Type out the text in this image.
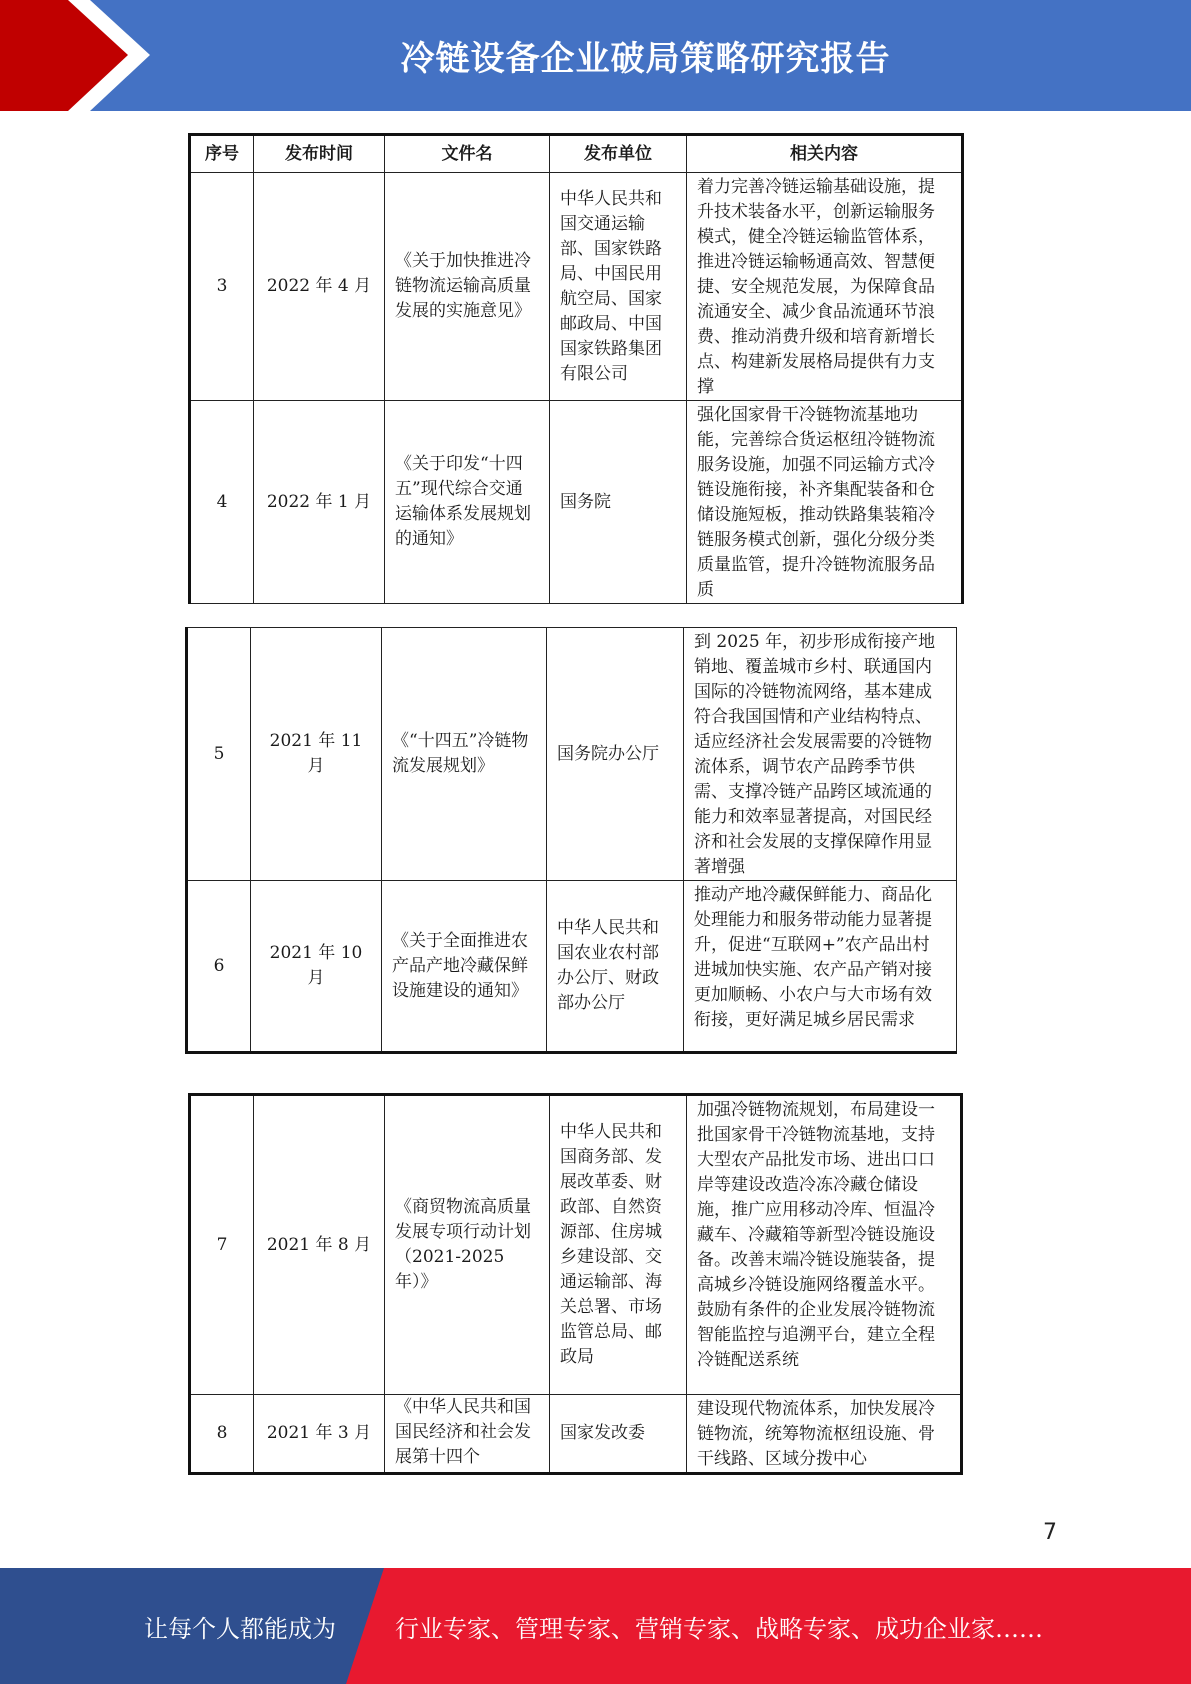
冷链设备企业破局策略研究报告
序号	发布时间	文件名	发布单位	相关内容
3	2022 年 4 月	《关于加快推进冷链物流运输高质量发展的实施意见》	中华人民共和国交通运输部、国家铁路局、中国民用航空局、国家邮政局、中国国家铁路集团有限公司	着力完善冷链运输基础设施，提升技术装备水平，创新运输服务模式，健全冷链运输监管体系，推进冷链运输畅通高效、智慧便捷、安全规范发展，为保障食品流通安全、减少食品流通环节浪费、推动消费升级和培育新增长点、构建新发展格局提供有力支撑
4	2022 年 1 月	《关于印发“十四五”现代综合交通运输体系发展规划的通知》	国务院	强化国家骨干冷链物流基地功能，完善综合货运枢纽冷链物流服务设施，加强不同运输方式冷链设施衔接，补齐集配装备和仓储设施短板，推动铁路集装箱冷链服务模式创新，强化分级分类质量监管，提升冷链物流服务品质
5	2021 年 11 月	《“十四五”冷链物流发展规划》	国务院办公厅	到 2025 年，初步形成衔接产地销地、覆盖城市乡村、联通国内国际的冷链物流网络，基本建成符合我国国情和产业结构特点、适应经济社会发展需要的冷链物流体系，调节农产品跨季节供需、支撑冷链产品跨区域流通的能力和效率显著提高，对国民经济和社会发展的支撑保障作用显著增强
6	2021 年 10 月	《关于全面推进农产品产地冷藏保鲜设施建设的通知》	中华人民共和国农业农村部办公厅、财政部办公厅	推动产地冷藏保鲜能力、商品化处理能力和服务带动能力显著提升，促进“互联网+”农产品出村进城加快实施、农产品产销对接更加顺畅、小农户与大市场有效衔接，更好满足城乡居民需求
7	2021 年 8 月	《商贸物流高质量发展专项行动计划（2021-2025 年）》	中华人民共和国商务部、发展改革委、财政部、自然资源部、住房城乡建设部、交通运输部、海关总署、市场监管总局、邮政局	加强冷链物流规划，布局建设一批国家骨干冷链物流基地，支持大型农产品批发市场、进出口口岸等建设改造冷冻冷藏仓储设施，推广应用移动冷库、恒温冷藏车、冷藏箱等新型冷链设施设备。改善末端冷链设施装备，提高城乡冷链设施网络覆盖水平。鼓励有条件的企业发展冷链物流智能监控与追溯平台，建立全程冷链配送系统
8	2021 年 3 月	《中华人民共和国国民经济和社会发展第十四个	国家发改委	建设现代物流体系，加快发展冷链物流，统筹物流枢纽设施、骨干线路、区域分拨中心
7
让每个人都能成为	行业专家、管理专家、营销专家、战略专家、成功企业家……
